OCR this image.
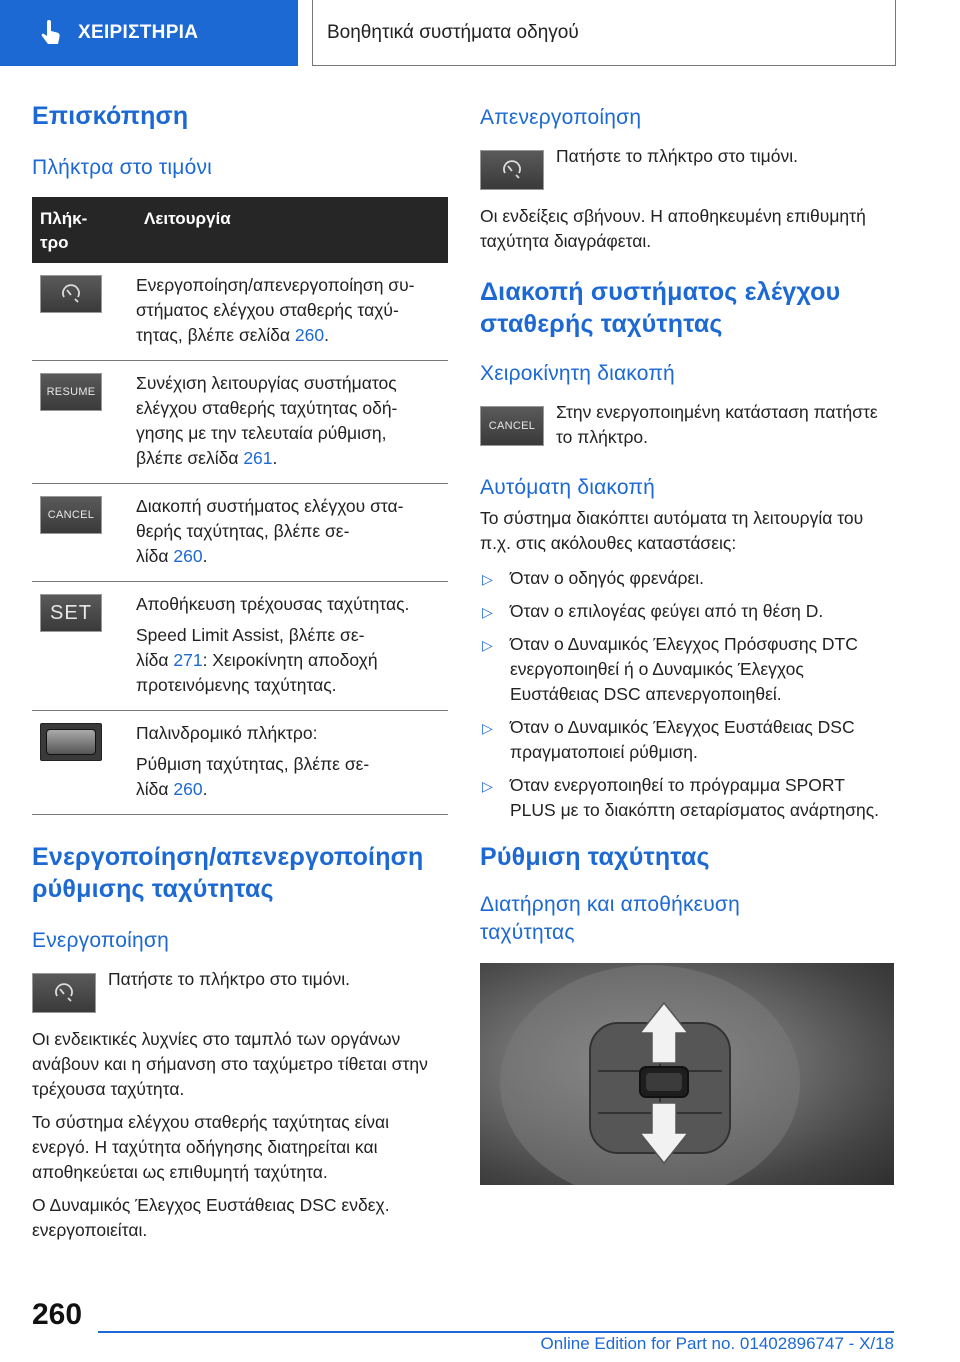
ΧΕΙΡΙΣΤΗΡΙΑ	Βοηθητικά συστήματα οδηγού
Επισκόπηση
Πλήκτρα στο τιμόνι
Πλήκ-
τρο	Λειτουργία

	Ενεργοποίηση/απενεργοποίηση συ-
στήματος ελέγχου σταθερής ταχύ-
τητας, βλέπε σελίδα 260.

RESUME	Συνέχιση λειτουργίας συστήματος
ελέγχου σταθερής ταχύτητας οδή-
γησης με την τελευταία ρύθμιση,
βλέπε σελίδα 261.

CANCEL	Διακοπή συστήματος ελέγχου στα-
θερής ταχύτητας, βλέπε σε-
λίδα 260.

SET	Αποθήκευση τρέχουσας ταχύτητας.
Speed Limit Assist, βλέπε σε-
λίδα 271: Χειροκίνητη αποδοχή
προτεινόμενης ταχύτητας.

	Παλινδρομικό πλήκτρο:
Ρύθμιση ταχύτητας, βλέπε σε-
λίδα 260.
Ενεργοποίηση/απενεργοποίηση ρύθμισης ταχύτητας
Ενεργοποίηση

Πατήστε το πλήκτρο στο τιμόνι.

Οι ενδεικτικές λυχνίες στο ταμπλό των οργάνων ανάβουν και η σήμανση στο ταχύμετρο τίθεται στην τρέχουσα ταχύτητα.

Το σύστημα ελέγχου σταθερής ταχύτητας είναι ενεργό. Η ταχύτητα οδήγησης διατηρείται και αποθηκεύεται ως επιθυμητή ταχύτητα.

Ο Δυναμικός Έλεγχος Ευστάθειας DSC ενδεχ. ενεργοποιείται.

Απενεργοποίηση

Πατήστε το πλήκτρο στο τιμόνι.

Οι ενδείξεις σβήνουν. Η αποθηκευμένη επιθυμητή ταχύτητα διαγράφεται.

Διακοπή συστήματος ελέγχου σταθερής ταχύτητας
Χειροκίνητη διακοπή
CANCEL

Στην ενεργοποιημένη κατάσταση πατήστε το πλήκτρο.

Αυτόματη διακοπή

Το σύστημα διακόπτει αυτόματα τη λειτουργία του π.χ. στις ακόλουθες καταστάσεις:

▷ Όταν ο οδηγός φρενάρει.
▷ Όταν ο επιλογέας φεύγει από τη θέση D.
▷ Όταν ο Δυναμικός Έλεγχος Πρόσφυσης DTC ενεργοποιηθεί ή ο Δυναμικός Έλεγχος Ευστάθειας DSC απενεργοποιηθεί.
▷ Όταν ο Δυναμικός Έλεγχος Ευστάθειας DSC πραγματοποιεί ρύθμιση.
▷ Όταν ενεργοποιηθεί το πρόγραμμα SPORT PLUS με το διακόπτη σεταρίσματος ανάρτησης.
Ρύθμιση ταχύτητας
Διατήρηση και αποθήκευση ταχύτητας
260
Online Edition for Part no. 01402896747 - X/18
